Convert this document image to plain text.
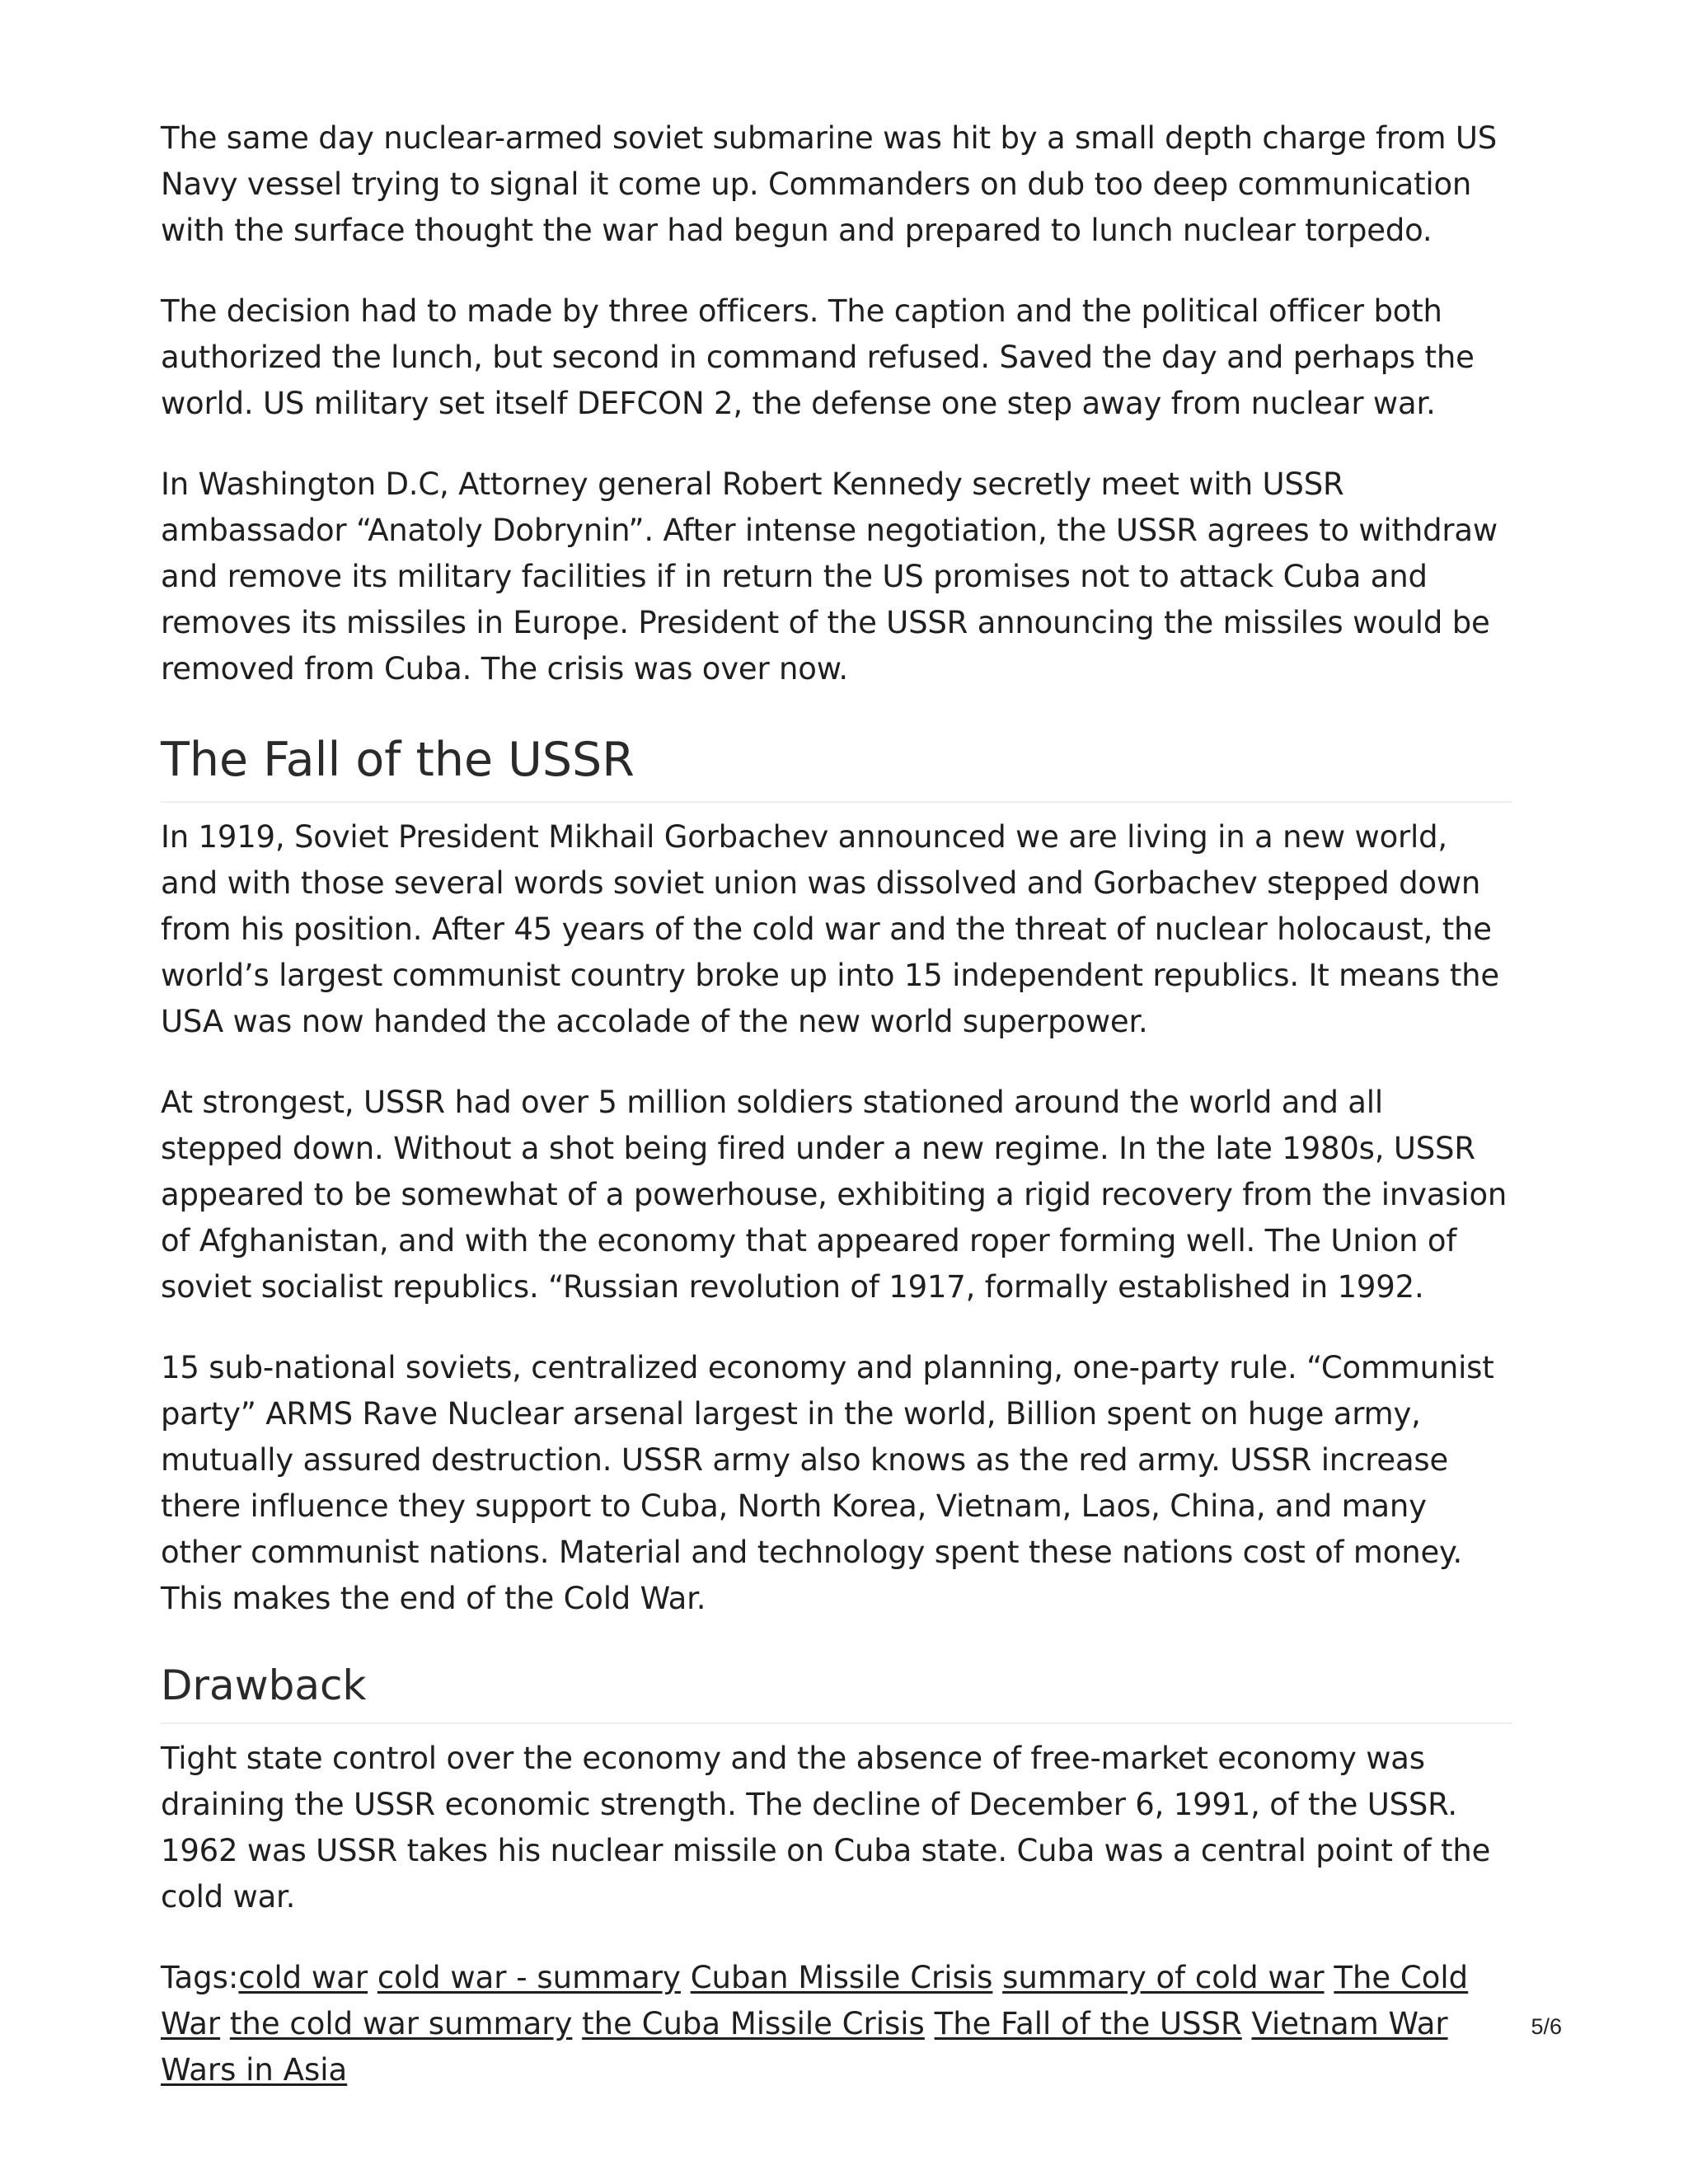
The same day nuclear-armed soviet submarine was hit by a small depth charge from US Navy vessel trying to signal it come up. Commanders on dub too deep communication with the surface thought the war had begun and prepared to lunch nuclear torpedo.

The decision had to made by three officers. The caption and the political officer both authorized the lunch, but second in command refused. Saved the day and perhaps the world. US military set itself DEFCON 2, the defense one step away from nuclear war.

In Washington D.C, Attorney general Robert Kennedy secretly meet with USSR ambassador “Anatoly Dobrynin”. After intense negotiation, the USSR agrees to withdraw and remove its military facilities if in return the US promises not to attack Cuba and removes its missiles in Europe. President of the USSR announcing the missiles would be removed from Cuba. The crisis was over now.

The Fall of the USSR

In 1919, Soviet President Mikhail Gorbachev announced we are living in a new world, and with those several words soviet union was dissolved and Gorbachev stepped down from his position. After 45 years of the cold war and the threat of nuclear holocaust, the world’s largest communist country broke up into 15 independent republics. It means the USA was now handed the accolade of the new world superpower.

At strongest, USSR had over 5 million soldiers stationed around the world and all stepped down. Without a shot being fired under a new regime. In the late 1980s, USSR appeared to be somewhat of a powerhouse, exhibiting a rigid recovery from the invasion of Afghanistan, and with the economy that appeared roper forming well. The Union of soviet socialist republics. “Russian revolution of 1917, formally established in 1992.

15 sub-national soviets, centralized economy and planning, one-party rule. “Communist party” ARMS Rave Nuclear arsenal largest in the world, Billion spent on huge army, mutually assured destruction. USSR army also knows as the red army. USSR increase there influence they support to Cuba, North Korea, Vietnam, Laos, China, and many other communist nations. Material and technology spent these nations cost of money. This makes the end of the Cold War.

Drawback

Tight state control over the economy and the absence of free-market economy was draining the USSR economic strength. The decline of December 6, 1991, of the USSR. 1962 was USSR takes his nuclear missile on Cuba state. Cuba was a central point of the cold war.

Tags:cold war cold war - summary Cuban Missile Crisis summary of cold war The Cold War the cold war summary the Cuba Missile Crisis The Fall of the USSR Vietnam War Wars in Asia
5/6
